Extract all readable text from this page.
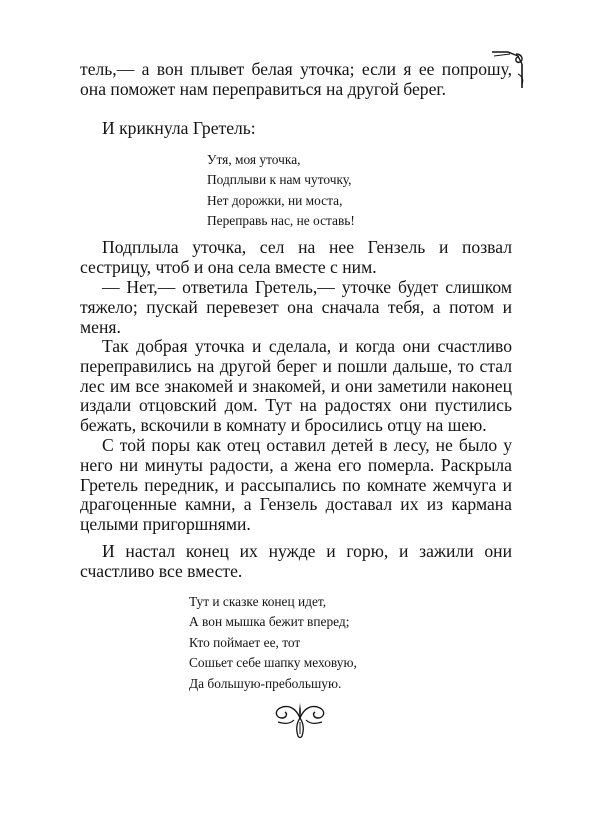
тель,— а вон плывет белая уточка; если я ее попрошу, она поможет нам переправиться на другой берег.

И крикнула Гретель:

Утя, моя уточка,
Подплыви к нам чуточку,
Нет дорожки, ни моста,
Переправь нас, не оставь!

Подплыла уточка, сел на нее Гензель и позвал сестрицу, чтоб и она села вместе с ним.

— Нет,— ответила Гретель,— уточке будет слишком тяжело; пускай перевезет она сначала тебя, а потом и меня.

Так добрая уточка и сделала, и когда они счастливо переправились на другой берег и пошли дальше, то стал лес им все знакомей и знакомей, и они заметили наконец издали отцовский дом. Тут на радостях они пустились бежать, вскочили в комнату и бросились отцу на шею.

С той поры как отец оставил детей в лесу, не было у него ни минуты радости, а жена его померла. Раскрыла Гретель передник, и рассыпались по комнате жемчуга и драгоценные камни, а Гензель доставал их из кармана целыми пригоршнями.

И настал конец их нужде и горю, и зажили они счастливо все вместе.

Тут и сказке конец идет,
А вон мышка бежит вперед;
Кто поймает ее, тот
Сошьет себе шапку меховую,
Да большую-пребольшую.
